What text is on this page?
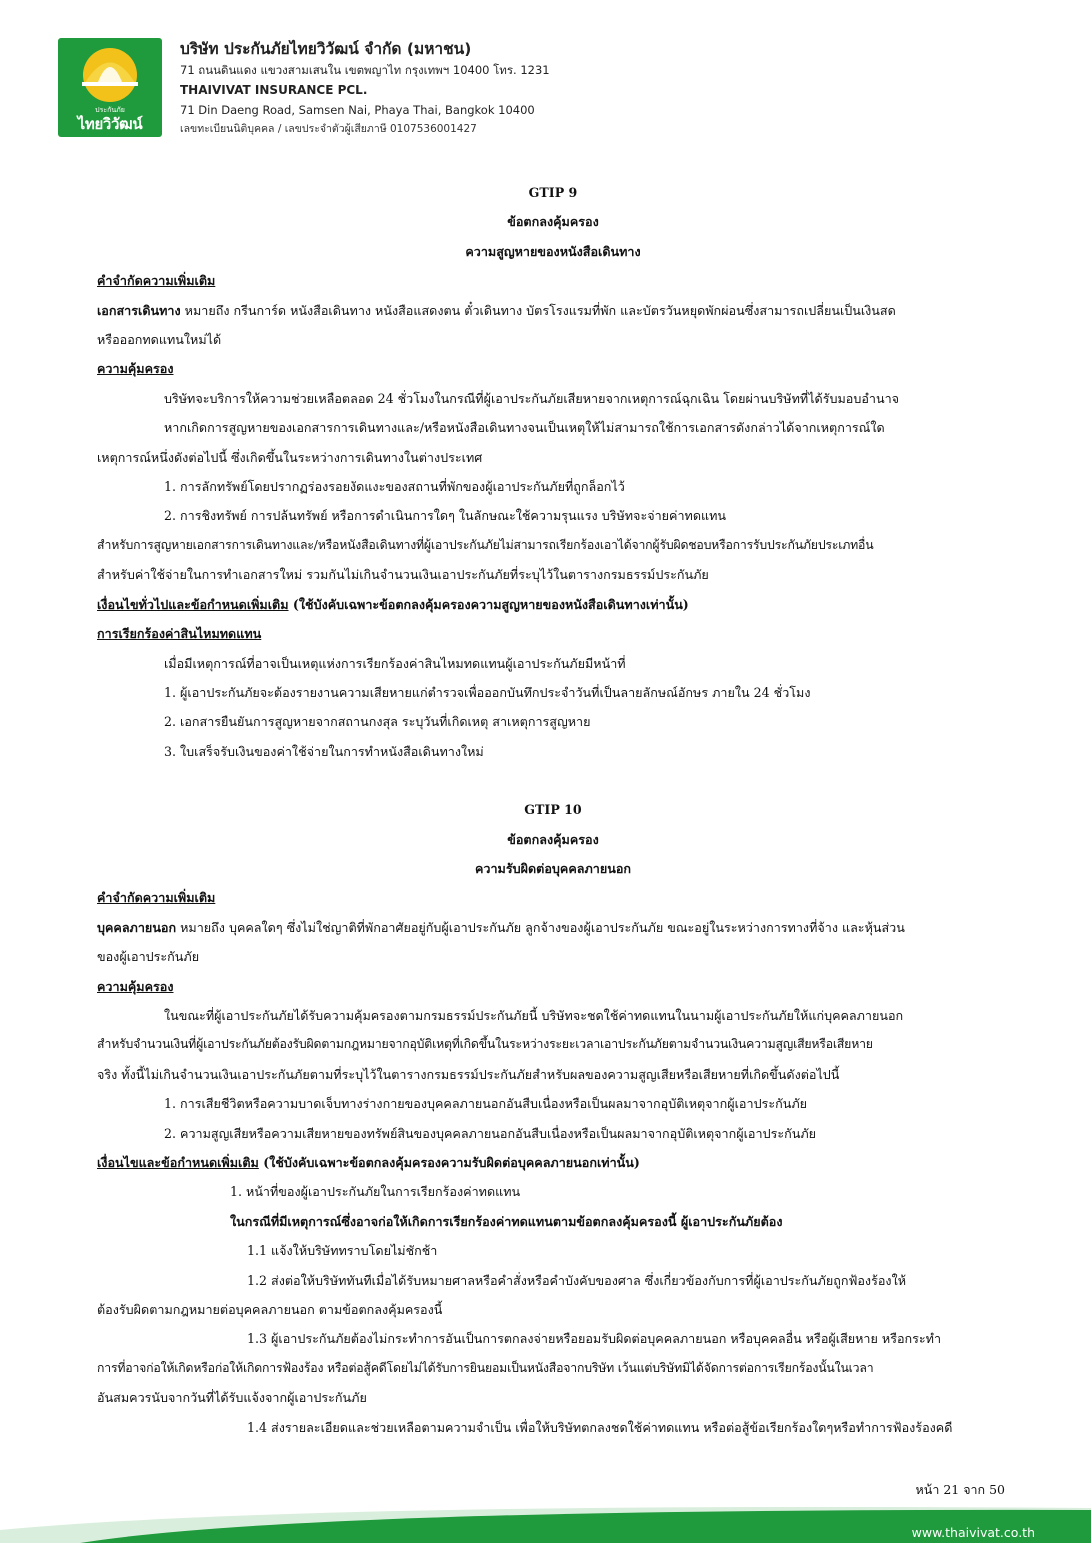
ประกันภัย
ไทยวิวัฒน์
บริษัท ประกันภัยไทยวิวัฒน์ จำกัด (มหาชน)
71 ถนนดินแดง แขวงสามเสนใน เขตพญาไท กรุงเทพฯ 10400 โทร. 1231
THAIVIVAT INSURANCE PCL.
71 Din Daeng Road, Samsen Nai, Phaya Thai, Bangkok 10400
เลขทะเบียนนิติบุคคล / เลขประจำตัวผู้เสียภาษี 0107536001427

GTIP 9

ข้อตกลงคุ้มครอง

ความสูญหายของหนังสือเดินทาง

คำจำกัดความเพิ่มเติม

เอกสารเดินทาง หมายถึง กรีนการ์ด หนังสือเดินทาง หนังสือแสดงตน ตั๋วเดินทาง บัตรโรงแรมที่พัก และบัตรวันหยุดพักผ่อนซึ่งสามารถเปลี่ยนเป็นเงินสด

หรือออกทดแทนใหม่ได้

ความคุ้มครอง

บริษัทจะบริการให้ความช่วยเหลือตลอด 24 ชั่วโมงในกรณีที่ผู้เอาประกันภัยเสียหายจากเหตุการณ์ฉุกเฉิน โดยผ่านบริษัทที่ได้รับมอบอำนาจ

หากเกิดการสูญหายของเอกสารการเดินทางและ/หรือหนังสือเดินทางจนเป็นเหตุให้ไม่สามารถใช้การเอกสารดังกล่าวได้จากเหตุการณ์ใด

เหตุการณ์หนึ่งดังต่อไปนี้ ซึ่งเกิดขึ้นในระหว่างการเดินทางในต่างประเทศ

1. การลักทรัพย์โดยปรากฏร่องรอยงัดแงะของสถานที่พักของผู้เอาประกันภัยที่ถูกล็อกไว้

2. การชิงทรัพย์ การปล้นทรัพย์ หรือการดำเนินการใดๆ ในลักษณะใช้ความรุนแรง บริษัทจะจ่ายค่าทดแทน

สำหรับการสูญหายเอกสารการเดินทางและ/หรือหนังสือเดินทางที่ผู้เอาประกันภัยไม่สามารถเรียกร้องเอาได้จากผู้รับผิดชอบหรือการรับประกันภัยประเภทอื่น

สำหรับค่าใช้จ่ายในการทำเอกสารใหม่ รวมกันไม่เกินจำนวนเงินเอาประกันภัยที่ระบุไว้ในตารางกรมธรรม์ประกันภัย

เงื่อนไขทั่วไปและข้อกำหนดเพิ่มเติม (ใช้บังคับเฉพาะข้อตกลงคุ้มครองความสูญหายของหนังสือเดินทางเท่านั้น)

การเรียกร้องค่าสินไหมทดแทน

เมื่อมีเหตุการณ์ที่อาจเป็นเหตุแห่งการเรียกร้องค่าสินไหมทดแทนผู้เอาประกันภัยมีหน้าที่

1. ผู้เอาประกันภัยจะต้องรายงานความเสียหายแก่ตำรวจเพื่อออกบันทึกประจำวันที่เป็นลายลักษณ์อักษร ภายใน 24 ชั่วโมง

2. เอกสารยืนยันการสูญหายจากสถานกงสุล ระบุวันที่เกิดเหตุ สาเหตุการสูญหาย

3. ใบเสร็จรับเงินของค่าใช้จ่ายในการทำหนังสือเดินทางใหม่

GTIP 10

ข้อตกลงคุ้มครอง

ความรับผิดต่อบุคคลภายนอก

คำจำกัดความเพิ่มเติม

บุคคลภายนอก หมายถึง บุคคลใดๆ ซึ่งไม่ใช่ญาติที่พักอาศัยอยู่กับผู้เอาประกันภัย ลูกจ้างของผู้เอาประกันภัย ขณะอยู่ในระหว่างการทางที่จ้าง และหุ้นส่วน

ของผู้เอาประกันภัย

ความคุ้มครอง

ในขณะที่ผู้เอาประกันภัยได้รับความคุ้มครองตามกรมธรรม์ประกันภัยนี้ บริษัทจะชดใช้ค่าทดแทนในนามผู้เอาประกันภัยให้แก่บุคคลภายนอก

สำหรับจำนวนเงินที่ผู้เอาประกันภัยต้องรับผิดตามกฎหมายจากอุบัติเหตุที่เกิดขึ้นในระหว่างระยะเวลาเอาประกันภัยตามจำนวนเงินความสูญเสียหรือเสียหาย

จริง ทั้งนี้ไม่เกินจำนวนเงินเอาประกันภัยตามที่ระบุไว้ในตารางกรมธรรม์ประกันภัยสำหรับผลของความสูญเสียหรือเสียหายที่เกิดขึ้นดังต่อไปนี้

1. การเสียชีวิตหรือความบาดเจ็บทางร่างกายของบุคคลภายนอกอันสืบเนื่องหรือเป็นผลมาจากอุบัติเหตุจากผู้เอาประกันภัย

2. ความสูญเสียหรือความเสียหายของทรัพย์สินของบุคคลภายนอกอันสืบเนื่องหรือเป็นผลมาจากอุบัติเหตุจากผู้เอาประกันภัย

เงื่อนไขและข้อกำหนดเพิ่มเติม (ใช้บังคับเฉพาะข้อตกลงคุ้มครองความรับผิดต่อบุคคลภายนอกเท่านั้น)

1. หน้าที่ของผู้เอาประกันภัยในการเรียกร้องค่าทดแทน

ในกรณีที่มีเหตุการณ์ซึ่งอาจก่อให้เกิดการเรียกร้องค่าทดแทนตามข้อตกลงคุ้มครองนี้ ผู้เอาประกันภัยต้อง

1.1 แจ้งให้บริษัททราบโดยไม่ชักช้า

1.2 ส่งต่อให้บริษัททันทีเมื่อได้รับหมายศาลหรือคำสั่งหรือคำบังคับของศาล ซึ่งเกี่ยวข้องกับการที่ผู้เอาประกันภัยถูกฟ้องร้องให้

ต้องรับผิดตามกฎหมายต่อบุคคลภายนอก ตามข้อตกลงคุ้มครองนี้

1.3 ผู้เอาประกันภัยต้องไม่กระทำการอันเป็นการตกลงจ่ายหรือยอมรับผิดต่อบุคคลภายนอก หรือบุคคลอื่น หรือผู้เสียหาย หรือกระทำ

การที่อาจก่อให้เกิดหรือก่อให้เกิดการฟ้องร้อง หรือต่อสู้คดีโดยไม่ได้รับการยินยอมเป็นหนังสือจากบริษัท เว้นแต่บริษัทมิได้จัดการต่อการเรียกร้องนั้นในเวลา

อันสมควรนับจากวันที่ได้รับแจ้งจากผู้เอาประกันภัย

1.4 ส่งรายละเอียดและช่วยเหลือตามความจำเป็น เพื่อให้บริษัทตกลงชดใช้ค่าทดแทน หรือต่อสู้ข้อเรียกร้องใดๆหรือทำการฟ้องร้องคดี

หน้า 21 จาก 50
www.thaivivat.co.th
